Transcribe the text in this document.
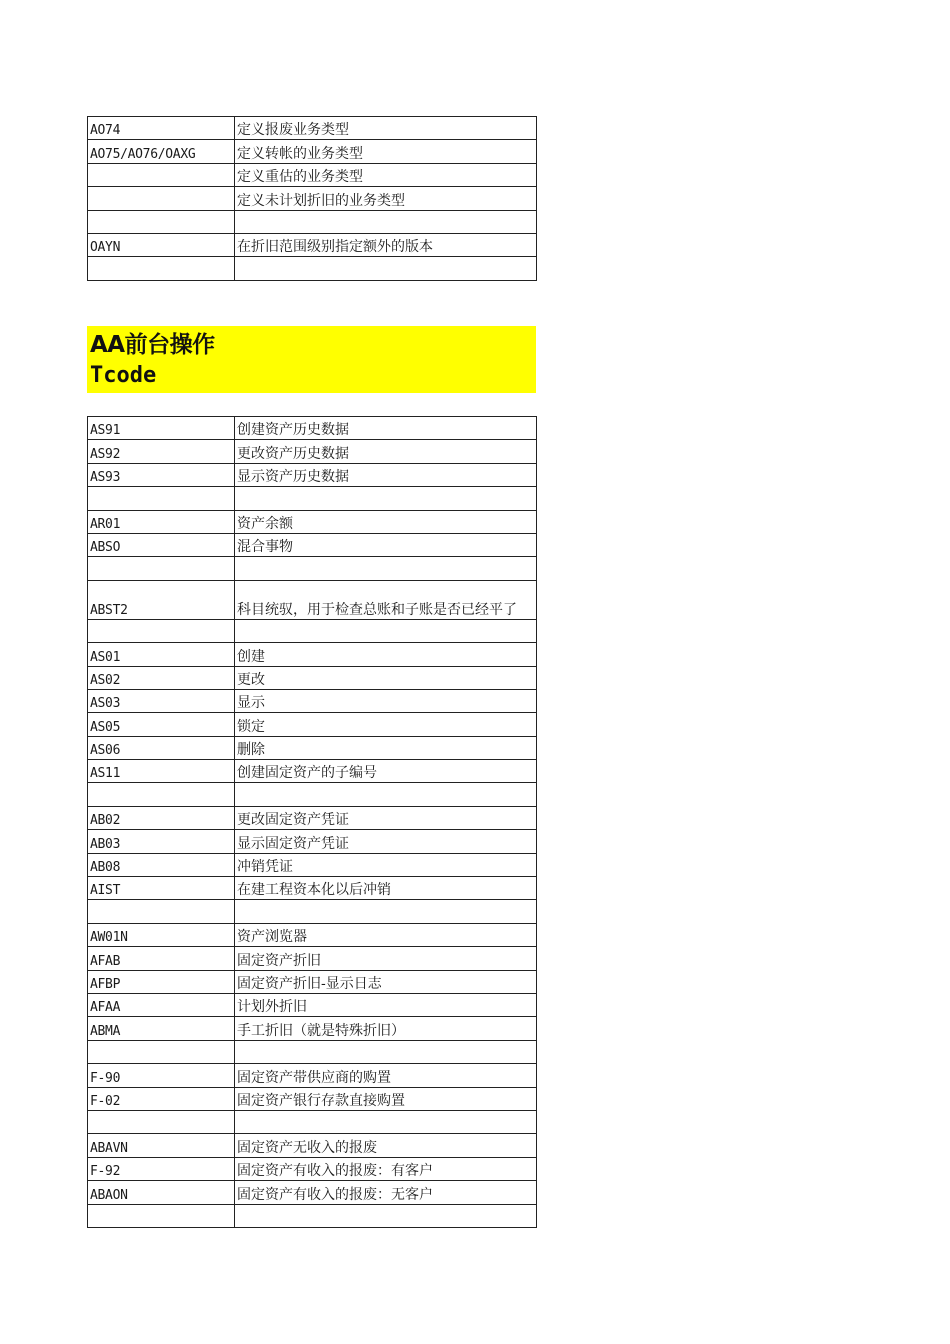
AO74	定义报废业务类型
AO75/AO76/OAXG	定义转帐的业务类型
	定义重估的业务类型
	定义未计划折旧的业务类型

OAYN	在折旧范围级别指定额外的版本

AA前台操作
Tcode
AS91	创建资产历史数据
AS92	更改资产历史数据
AS93	显示资产历史数据

AR01	资产余额
ABSO	混合事物

ABST2	科目统驭，用于检查总账和子账是否已经平了

AS01	创建
AS02	更改
AS03	显示
AS05	锁定
AS06	删除
AS11	创建固定资产的子编号

AB02	更改固定资产凭证
AB03	显示固定资产凭证
AB08	冲销凭证
AIST	在建工程资本化以后冲销

AW01N	资产浏览器
AFAB	固定资产折旧
AFBP	固定资产折旧-显示日志
AFAA	计划外折旧
ABMA	手工折旧（就是特殊折旧）

F-90	固定资产带供应商的购置
F-02	固定资产银行存款直接购置

ABAVN	固定资产无收入的报废
F-92	固定资产有收入的报废：有客户
ABAON	固定资产有收入的报废：无客户
